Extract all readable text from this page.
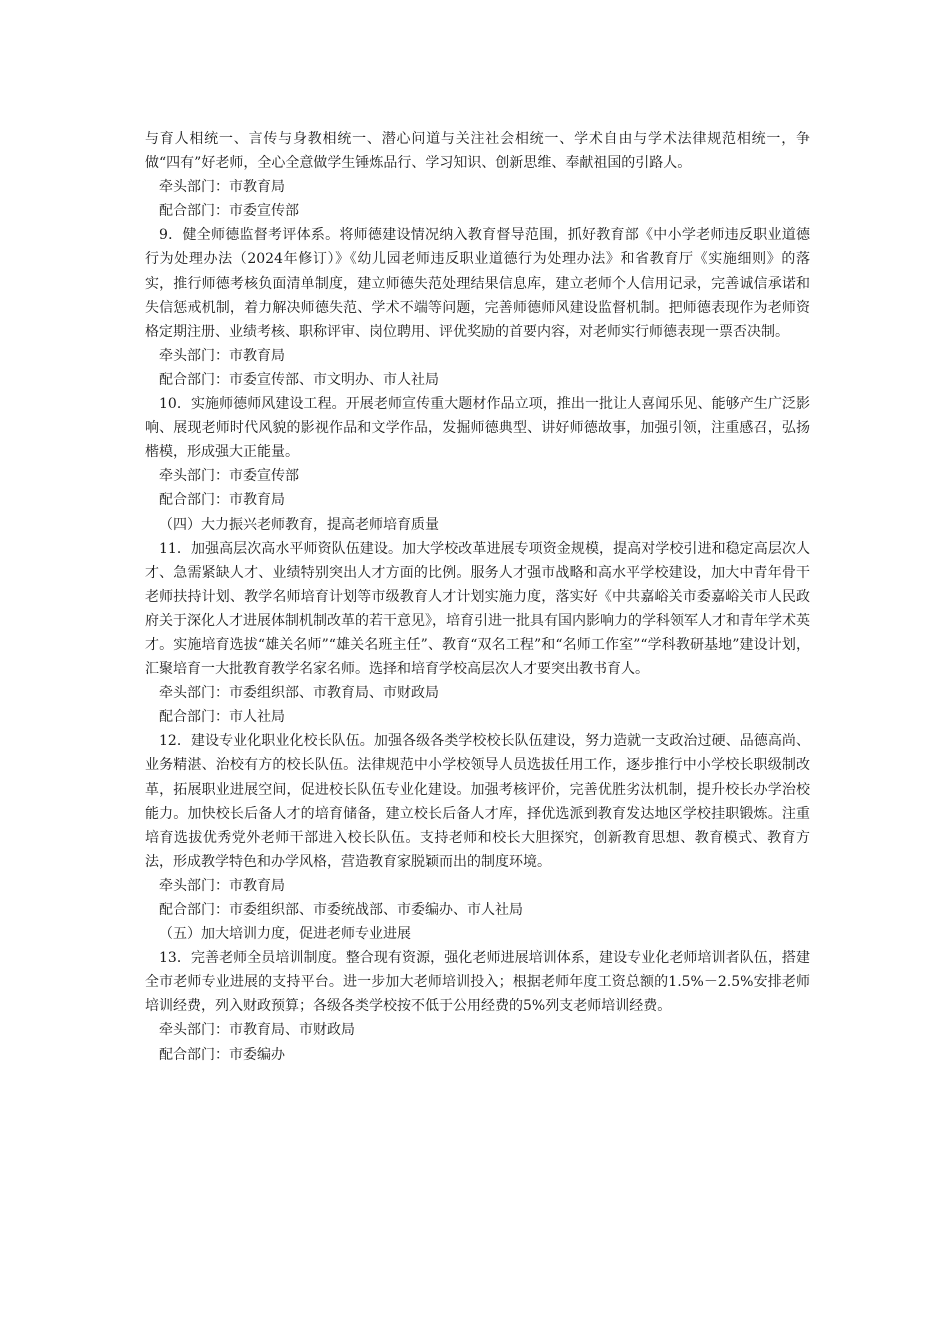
与育人相统一、言传与身教相统一、潜心问道与关注社会相统一、学术自由与学术法律规范相统一，争做“四有”好老师，全心全意做学生锤炼品行、学习知识、创新思维、奉献祖国的引路人。

牵头部门：市教育局

配合部门：市委宣传部

9．健全师德监督考评体系。将师德建设情况纳入教育督导范围，抓好教育部《中小学老师违反职业道德行为处理办法（2024年修订）》《幼儿园老师违反职业道德行为处理办法》和省教育厅《实施细则》的落实，推行师德考核负面清单制度，建立师德失范处理结果信息库，建立老师个人信用记录，完善诚信承诺和失信惩戒机制，着力解决师德失范、学术不端等问题，完善师德师风建设监督机制。把师德表现作为老师资格定期注册、业绩考核、职称评审、岗位聘用、评优奖励的首要内容，对老师实行师德表现一票否决制。

牵头部门：市教育局

配合部门：市委宣传部、市文明办、市人社局

10．实施师德师风建设工程。开展老师宣传重大题材作品立项，推出一批让人喜闻乐见、能够产生广泛影响、展现老师时代风貌的影视作品和文学作品，发掘师德典型、讲好师德故事，加强引领，注重感召，弘扬楷模，形成强大正能量。

牵头部门：市委宣传部

配合部门：市教育局

（四）大力振兴老师教育，提高老师培育质量

11．加强高层次高水平师资队伍建设。加大学校改革进展专项资金规模，提高对学校引进和稳定高层次人才、急需紧缺人才、业绩特别突出人才方面的比例。服务人才强市战略和高水平学校建设，加大中青年骨干老师扶持计划、教学名师培育计划等市级教育人才计划实施力度，落实好《中共嘉峪关市委嘉峪关市人民政府关于深化人才进展体制机制改革的若干意见》，培育引进一批具有国内影响力的学科领军人才和青年学术英才。实施培育选拔“雄关名师”“雄关名班主任”、教育“双名工程”和“名师工作室”“学科教研基地”建设计划，汇聚培育一大批教育教学名家名师。选择和培育学校高层次人才要突出教书育人。

牵头部门：市委组织部、市教育局、市财政局

配合部门：市人社局

12．建设专业化职业化校长队伍。加强各级各类学校校长队伍建设，努力造就一支政治过硬、品德高尚、业务精湛、治校有方的校长队伍。法律规范中小学校领导人员选拔任用工作，逐步推行中小学校长职级制改革，拓展职业进展空间，促进校长队伍专业化建设。加强考核评价，完善优胜劣汰机制，提升校长办学治校能力。加快校长后备人才的培育储备，建立校长后备人才库，择优选派到教育发达地区学校挂职锻炼。注重培育选拔优秀党外老师干部进入校长队伍。支持老师和校长大胆探究，创新教育思想、教育模式、教育方法，形成教学特色和办学风格，营造教育家脱颖而出的制度环境。

牵头部门：市教育局

配合部门：市委组织部、市委统战部、市委编办、市人社局

（五）加大培训力度，促进老师专业进展

13．完善老师全员培训制度。整合现有资源，强化老师进展培训体系，建设专业化老师培训者队伍，搭建全市老师专业进展的支持平台。进一步加大老师培训投入；根据老师年度工资总额的1.5%－2.5%安排老师培训经费，列入财政预算；各级各类学校按不低于公用经费的5%列支老师培训经费。

牵头部门：市教育局、市财政局

配合部门：市委编办
